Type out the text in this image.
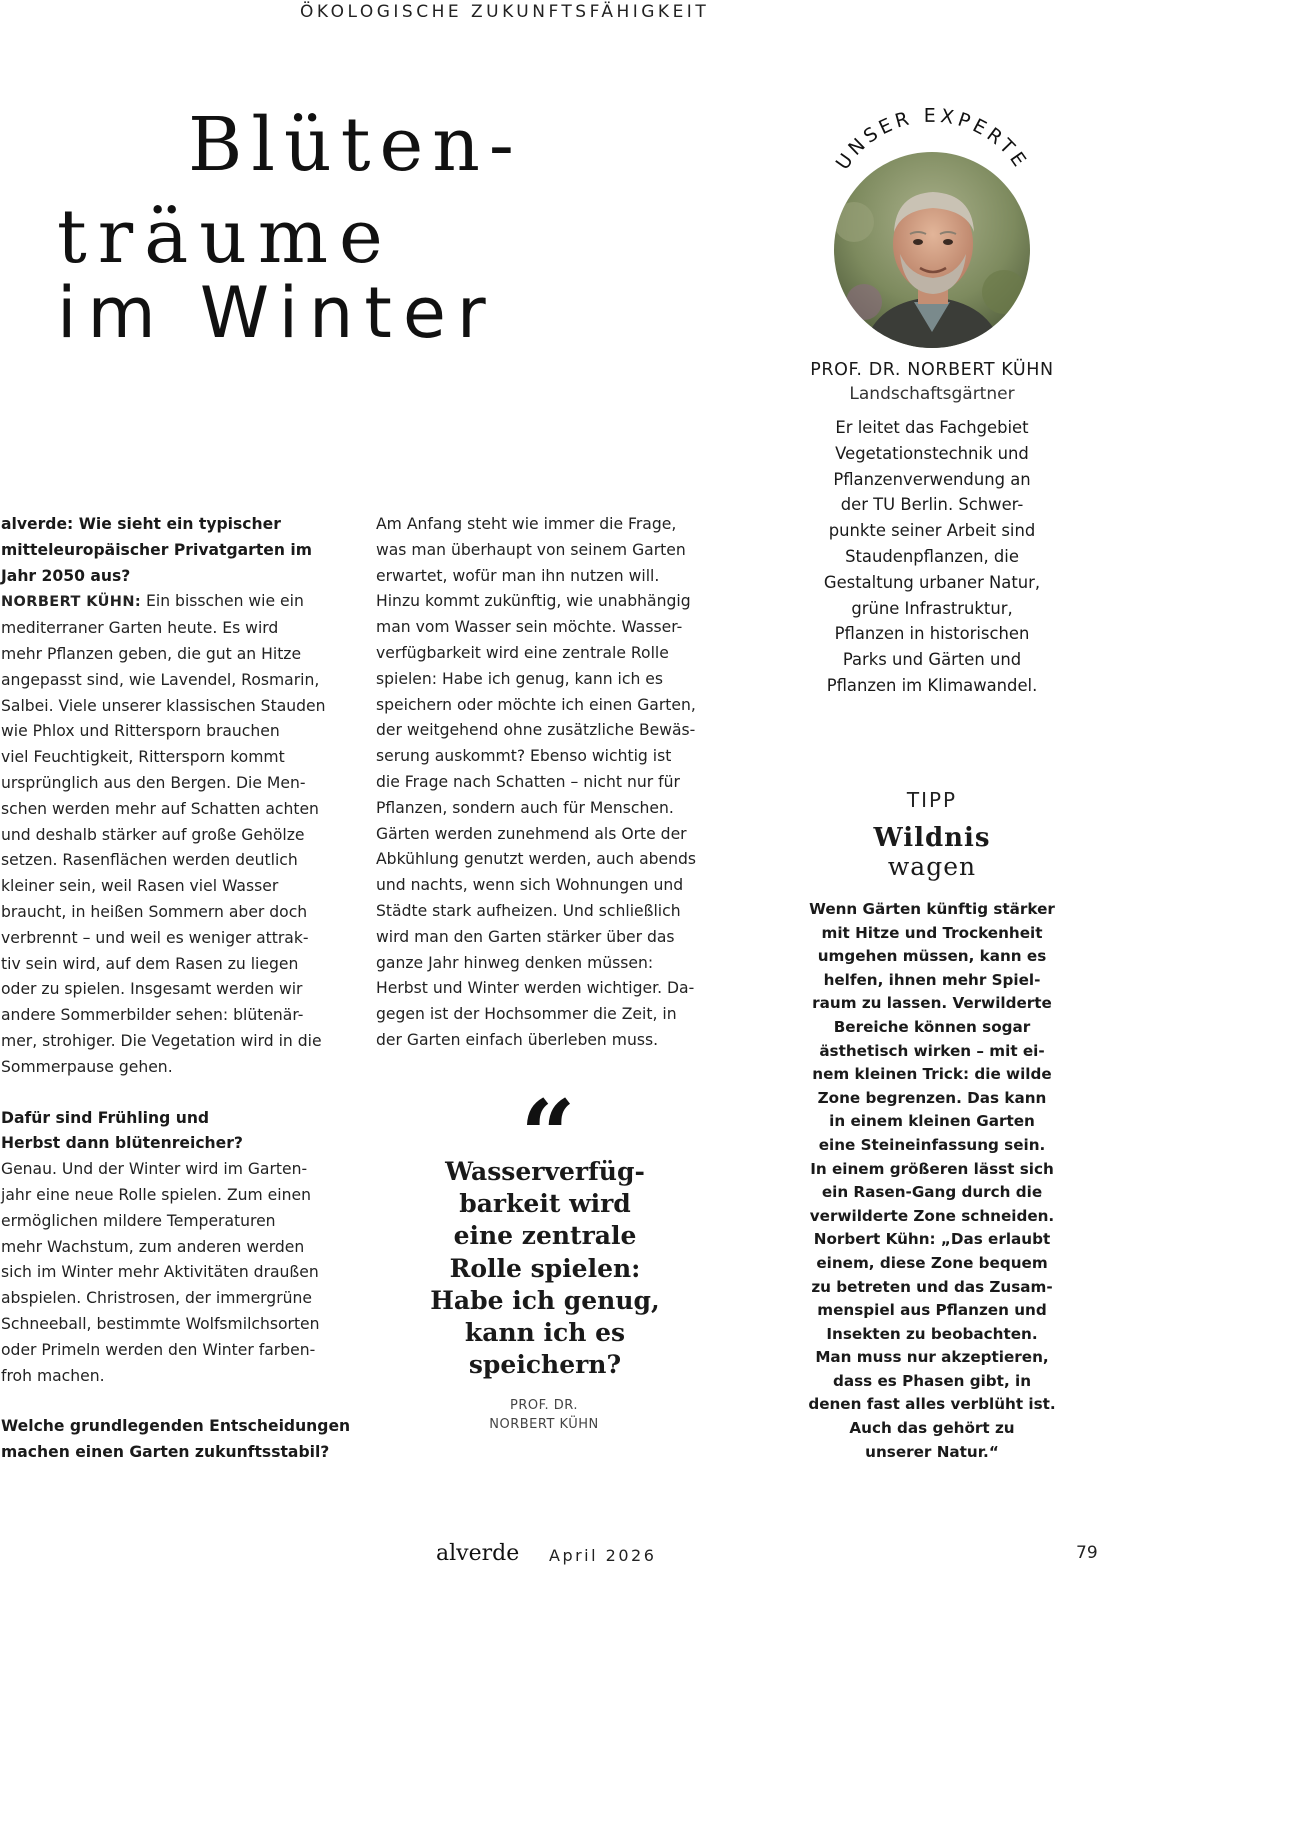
ÖKOLOGISCHE ZUKUNFTSFÄHIGKEIT
Blüten-
träume
im Winter
UNSER EXPERTE
PROF. DR. NORBERT KÜHN
Landschaftsgärtner
Er leitet das Fachgebiet
Vegetationstechnik und
Pflanzenverwendung an
der TU Berlin. Schwer-
punkte seiner Arbeit sind
Staudenpflanzen, die
Gestaltung urbaner Natur,
grüne Infrastruktur,
Pflanzen in historischen
Parks und Gärten und
Pflanzen im Klimawandel.
alverde: Wie sieht ein typischer
mitteleuropäischer Privatgarten im
Jahr 2050 aus?
NORBERT KÜHN: Ein bisschen wie ein
mediterraner Garten heute. Es wird
mehr Pflanzen geben, die gut an Hitze
angepasst sind, wie Lavendel, Rosmarin,
Salbei. Viele unserer klassischen Stauden
wie Phlox und Rittersporn brauchen
viel Feuchtigkeit, Rittersporn kommt
ursprünglich aus den Bergen. Die Men-
schen werden mehr auf Schatten achten
und deshalb stärker auf große Gehölze
setzen. Rasenflächen werden deutlich
kleiner sein, weil Rasen viel Wasser
braucht, in heißen Sommern aber doch
verbrennt – und weil es weniger attrak-
tiv sein wird, auf dem Rasen zu liegen
oder zu spielen. Insgesamt werden wir
andere Sommerbilder sehen: blütenär-
mer, strohiger. Die Vegetation wird in die
Sommerpause gehen.
Dafür sind Frühling und
Herbst dann blütenreicher?
Genau. Und der Winter wird im Garten-
jahr eine neue Rolle spielen. Zum einen
ermöglichen mildere Temperaturen
mehr Wachstum, zum anderen werden
sich im Winter mehr Aktivitäten draußen
abspielen. Christrosen, der immergrüne
Schneeball, bestimmte Wolfsmilchsorten
oder Primeln werden den Winter farben-
froh machen.
Welche grundlegenden Entscheidungen
machen einen Garten zukunftsstabil?
Am Anfang steht wie immer die Frage,
was man überhaupt von seinem Garten
erwartet, wofür man ihn nutzen will.
Hinzu kommt zukünftig, wie unabhängig
man vom Wasser sein möchte. Wasser-
verfügbarkeit wird eine zentrale Rolle
spielen: Habe ich genug, kann ich es
speichern oder möchte ich einen Garten,
der weitgehend ohne zusätzliche Bewäs-
serung auskommt? Ebenso wichtig ist
die Frage nach Schatten – nicht nur für
Pflanzen, sondern auch für Menschen.
Gärten werden zunehmend als Orte der
Abkühlung genutzt werden, auch abends
und nachts, wenn sich Wohnungen und
Städte stark aufheizen. Und schließlich
wird man den Garten stärker über das
ganze Jahr hinweg denken müssen:
Herbst und Winter werden wichtiger. Da-
gegen ist der Hochsommer die Zeit, in
der Garten einfach überleben muss.
“
Wasserverfüg-
barkeit wird
eine zentrale
Rolle spielen:
Habe ich genug,
kann ich es
speichern?
PROF. DR.
NORBERT KÜHN
TIPP
Wildnis
wagen
Wenn Gärten künftig stärker
mit Hitze und Trockenheit
umgehen müssen, kann es
helfen, ihnen mehr Spiel-
raum zu lassen. Verwilderte
Bereiche können sogar
ästhetisch wirken – mit ei-
nem kleinen Trick: die wilde
Zone begrenzen. Das kann
in einem kleinen Garten
eine Steineinfassung sein.
In einem größeren lässt sich
ein Rasen-Gang durch die
verwilderte Zone schneiden.
Norbert Kühn: „Das erlaubt
einem, diese Zone bequem
zu betreten und das Zusam-
menspiel aus Pflanzen und
Insekten zu beobachten.
Man muss nur akzeptieren,
dass es Phasen gibt, in
denen fast alles verblüht ist.
Auch das gehört zu
unserer Natur.“
alverde April 2026	79
